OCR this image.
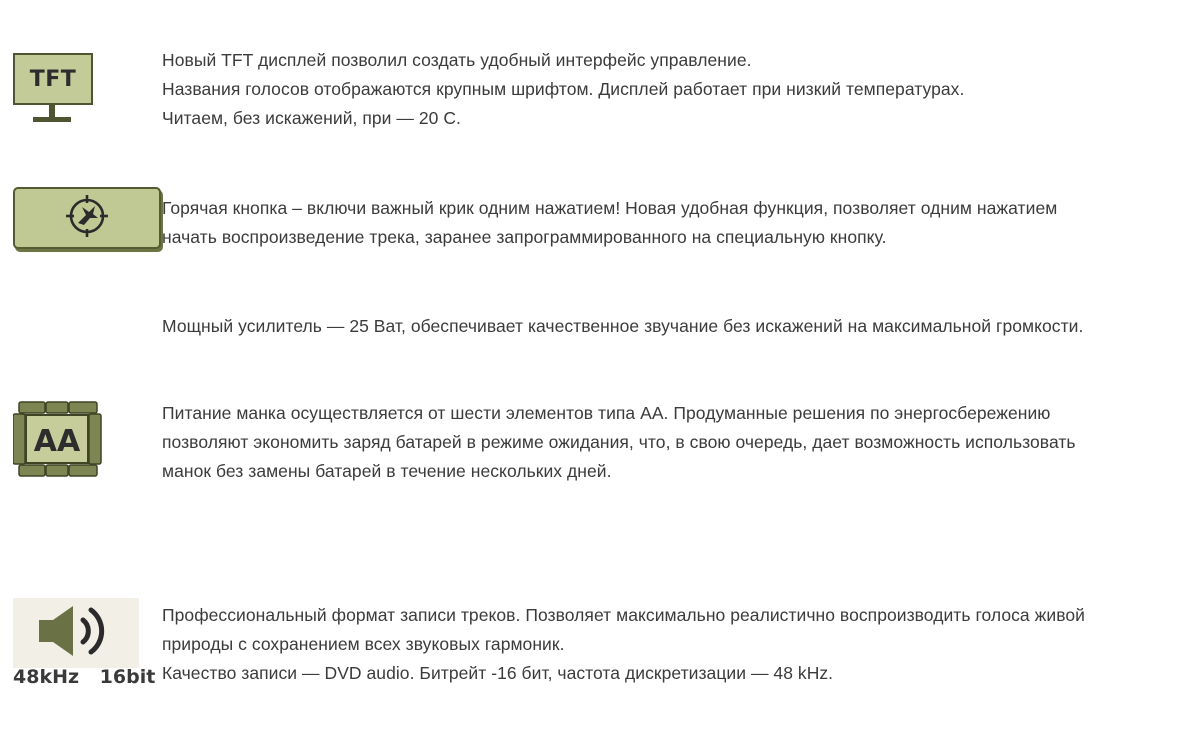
TFT

Новый TFT дисплей позволил создать удобный интерфейс управление.

Названия голосов отображаются крупным шрифтом. Дисплей работает при низкий температурах.

Читаем, без искажений, при — 20 С.

Горячая кнопка – включи важный крик одним нажатием! Новая удобная функция, позволяет одним нажатием

начать воспроизведение трека, заранее запрограммированного на специальную кнопку.

Мощный усилитель — 25 Ват, обеспечивает качественное звучание без искажений на максимальной громкости.

AA

Питание манка осуществляется от шести элементов типа АА. Продуманные решения по энергосбережению

позволяют экономить заряд батарей в режиме ожидания, что, в свою очередь, дает возможность использовать

манок без замены батарей в течение нескольких дней.

48kHz 16bit

Профессиональный формат записи треков. Позволяет максимально реалистично воспроизводить голоса живой

природы с сохранением всех звуковых гармоник.

Качество записи — DVD audio. Битрейт -16 бит, частота дискретизации — 48 kHz.
